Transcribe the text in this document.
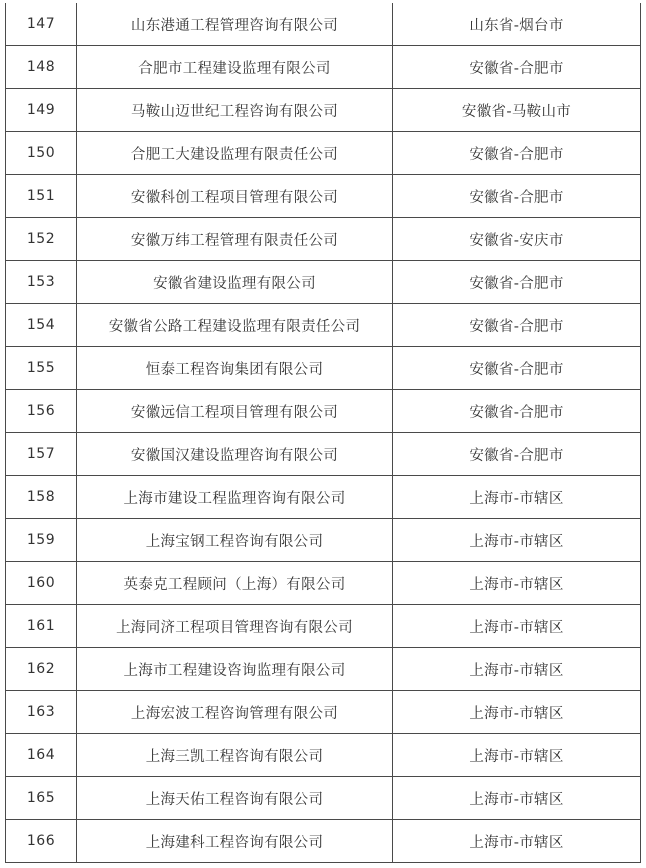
147	山东港通工程管理咨询有限公司	山东省-烟台市
148	合肥市工程建设监理有限公司	安徽省-合肥市
149	马鞍山迈世纪工程咨询有限公司	安徽省-马鞍山市
150	合肥工大建设监理有限责任公司	安徽省-合肥市
151	安徽科创工程项目管理有限公司	安徽省-合肥市
152	安徽万纬工程管理有限责任公司	安徽省-安庆市
153	安徽省建设监理有限公司	安徽省-合肥市
154	安徽省公路工程建设监理有限责任公司	安徽省-合肥市
155	恒泰工程咨询集团有限公司	安徽省-合肥市
156	安徽远信工程项目管理有限公司	安徽省-合肥市
157	安徽国汉建设监理咨询有限公司	安徽省-合肥市
158	上海市建设工程监理咨询有限公司	上海市-市辖区
159	上海宝钢工程咨询有限公司	上海市-市辖区
160	英泰克工程顾问（上海）有限公司	上海市-市辖区
161	上海同济工程项目管理咨询有限公司	上海市-市辖区
162	上海市工程建设咨询监理有限公司	上海市-市辖区
163	上海宏波工程咨询管理有限公司	上海市-市辖区
164	上海三凯工程咨询有限公司	上海市-市辖区
165	上海天佑工程咨询有限公司	上海市-市辖区
166	上海建科工程咨询有限公司	上海市-市辖区
